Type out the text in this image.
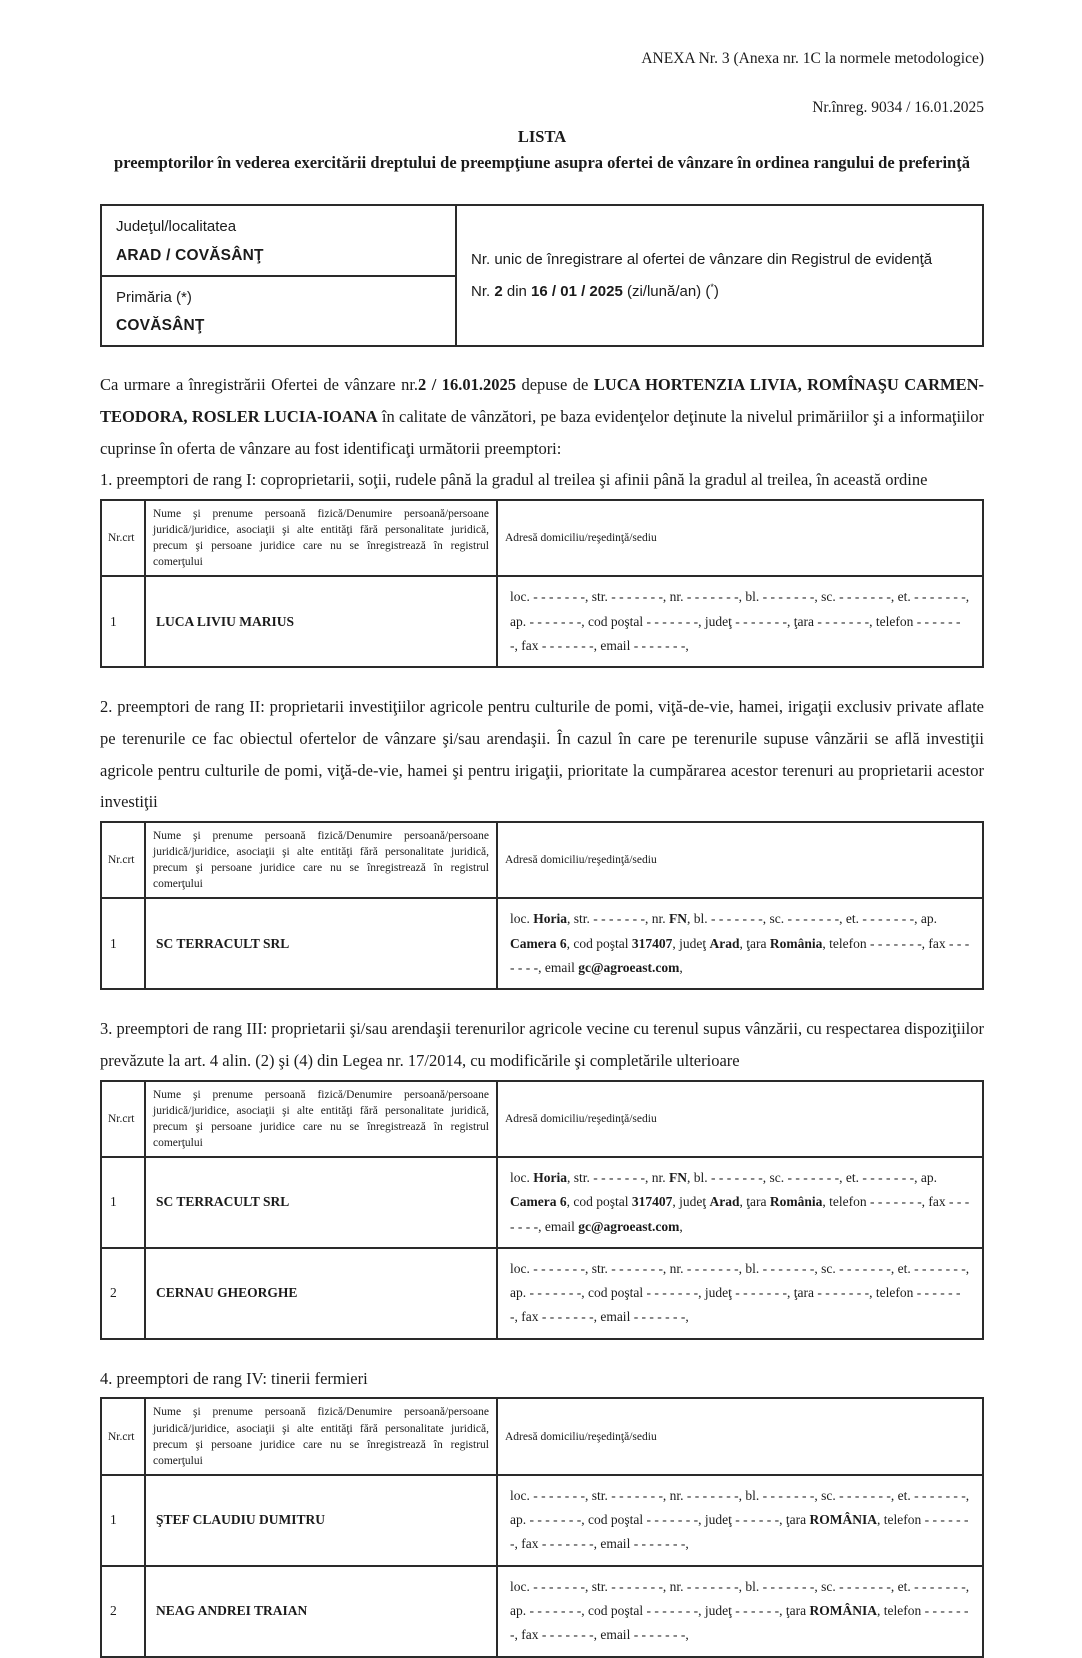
ANEXA Nr. 3 (Anexa nr. 1C la normele metodologice)
Nr.înreg. 9034 / 16.01.2025
LISTA
preemptorilor în vederea exercitării dreptului de preempţiune asupra ofertei de vânzare în ordinea rangului de preferinţă
Judeţul/localitatea
ARAD / COVĂSÂNŢ	Nr. unic de înregistrare al ofertei de vânzare din Registrul de evidenţă
Nr. 2 din 16 / 01 / 2025 (zi/lună/an) (*)

Primăria (*)
COVĂSÂNŢ
Ca urmare a înregistrării Ofertei de vânzare nr.2 / 16.01.2025 depuse de LUCA HORTENZIA LIVIA, ROMÎNAŞU CARMEN-TEODORA, ROSLER LUCIA-IOANA în calitate de vânzători, pe baza evidenţelor deţinute la nivelul primăriilor şi a informaţiilor cuprinse în oferta de vânzare au fost identificaţi următorii preemptori:
1. preemptori de rang I: coproprietarii, soţii, rudele până la gradul al treilea şi afinii până la gradul al treilea, în această ordine
Nr.crt	Nume şi prenume persoană fizică/Denumire persoană/persoane juridică/juridice, asociaţii şi alte entităţi fără personalitate juridică, precum şi persoane juridice care nu se înregistrează în registrul comerţului	Adresă domiciliu/reşedinţă/sediu
1	LUCA LIVIU MARIUS	loc. - - - - - - -, str. - - - - - - -, nr. - - - - - - -, bl. - - - - - - -, sc. - - - - - - -, et. - - - - - - -, ap. - - - - - - -, cod poştal - - - - - - -, judeţ - - - - - - -, ţara - - - - - - -, telefon - - - - - - -, fax - - - - - - -, email - - - - - - -,
2. preemptori de rang II: proprietarii investiţiilor agricole pentru culturile de pomi, viţă-de-vie, hamei, irigaţii exclusiv private aflate pe terenurile ce fac obiectul ofertelor de vânzare şi/sau arendaşii. În cazul în care pe terenurile supuse vânzării se află investiţii agricole pentru culturile de pomi, viţă-de-vie, hamei şi pentru irigaţii, prioritate la cumpărarea acestor terenuri au proprietarii acestor investiţii
Nr.crt	Nume şi prenume persoană fizică/Denumire persoană/persoane juridică/juridice, asociaţii şi alte entităţi fără personalitate juridică, precum şi persoane juridice care nu se înregistrează în registrul comerţului	Adresă domiciliu/reşedinţă/sediu
1	SC TERRACULT SRL	loc. Horia, str. - - - - - - -, nr. FN, bl. - - - - - - -, sc. - - - - - - -, et. - - - - - - -, ap. Camera 6, cod poştal 317407, judeţ Arad, ţara România, telefon - - - - - - -, fax - - - - - - -, email gc@agroeast.com,
3. preemptori de rang III: proprietarii şi/sau arendaşii terenurilor agricole vecine cu terenul supus vânzării, cu respectarea dispoziţiilor prevăzute la art. 4 alin. (2) şi (4) din Legea nr. 17/2014, cu modificările şi completările ulterioare
Nr.crt	Nume şi prenume persoană fizică/Denumire persoană/persoane juridică/juridice, asociaţii şi alte entităţi fără personalitate juridică, precum şi persoane juridice care nu se înregistrează în registrul comerţului	Adresă domiciliu/reşedinţă/sediu
1	SC TERRACULT SRL	loc. Horia, str. - - - - - - -, nr. FN, bl. - - - - - - -, sc. - - - - - - -, et. - - - - - - -, ap. Camera 6, cod poştal 317407, judeţ Arad, ţara România, telefon - - - - - - -, fax - - - - - - -, email gc@agroeast.com,
2	CERNAU GHEORGHE	loc. - - - - - - -, str. - - - - - - -, nr. - - - - - - -, bl. - - - - - - -, sc. - - - - - - -, et. - - - - - - -, ap. - - - - - - -, cod poştal - - - - - - -, judeţ - - - - - - -, ţara - - - - - - -, telefon - - - - - - -, fax - - - - - - -, email - - - - - - -,
4. preemptori de rang IV: tinerii fermieri
Nr.crt	Nume şi prenume persoană fizică/Denumire persoană/persoane juridică/juridice, asociaţii şi alte entităţi fără personalitate juridică, precum şi persoane juridice care nu se înregistrează în registrul comerţului	Adresă domiciliu/reşedinţă/sediu
1	ŞTEF CLAUDIU DUMITRU	loc. - - - - - - -, str. - - - - - - -, nr. - - - - - - -, bl. - - - - - - -, sc. - - - - - - -, et. - - - - - - -, ap. - - - - - - -, cod poştal - - - - - - -, judeţ - - - - - -, ţara ROMÂNIA, telefon - - - - - - -, fax - - - - - - -, email - - - - - - -,
2	NEAG ANDREI TRAIAN	loc. - - - - - - -, str. - - - - - - -, nr. - - - - - - -, bl. - - - - - - -, sc. - - - - - - -, et. - - - - - - -, ap. - - - - - - -, cod poştal - - - - - - -, judeţ - - - - - -, ţara ROMÂNIA, telefon - - - - - - -, fax - - - - - - -, email - - - - - - -,
